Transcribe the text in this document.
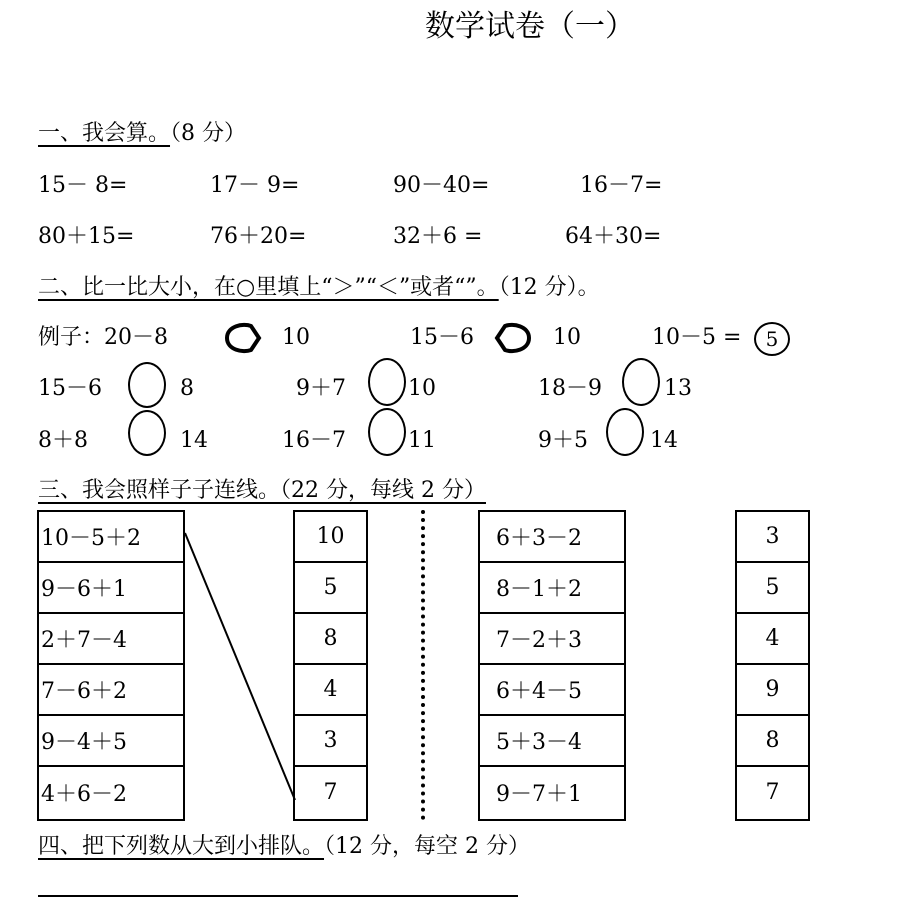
数学试卷（一）
一、我会算。（8 分）
15－ 8=	17－ 9=	90－40=	16－7=
80＋15=	76＋20=	32＋6 =	64＋30=
二、比一比大小，在○里填上“＞”“＜”或者“”。（12 分）。
例子：20－8	10	15－6	10	10－5 =	5
15－6	8	9＋7	10	18－9	13
8＋8	14	16－7	11	9＋5	14
三、我会照样子子连线。（22 分，每线 2 分）
10－5＋2
9－6＋1
2＋7－4
7－6＋2
9－4＋5
4＋6－2
10
5
8
4
3
7
6＋3－2
8－1＋2
7－2＋3
6＋4－5
5＋3－4
9－7＋1
3
5
4
9
8
7
四、把下列数从大到小排队。（12 分，每空 2 分）
